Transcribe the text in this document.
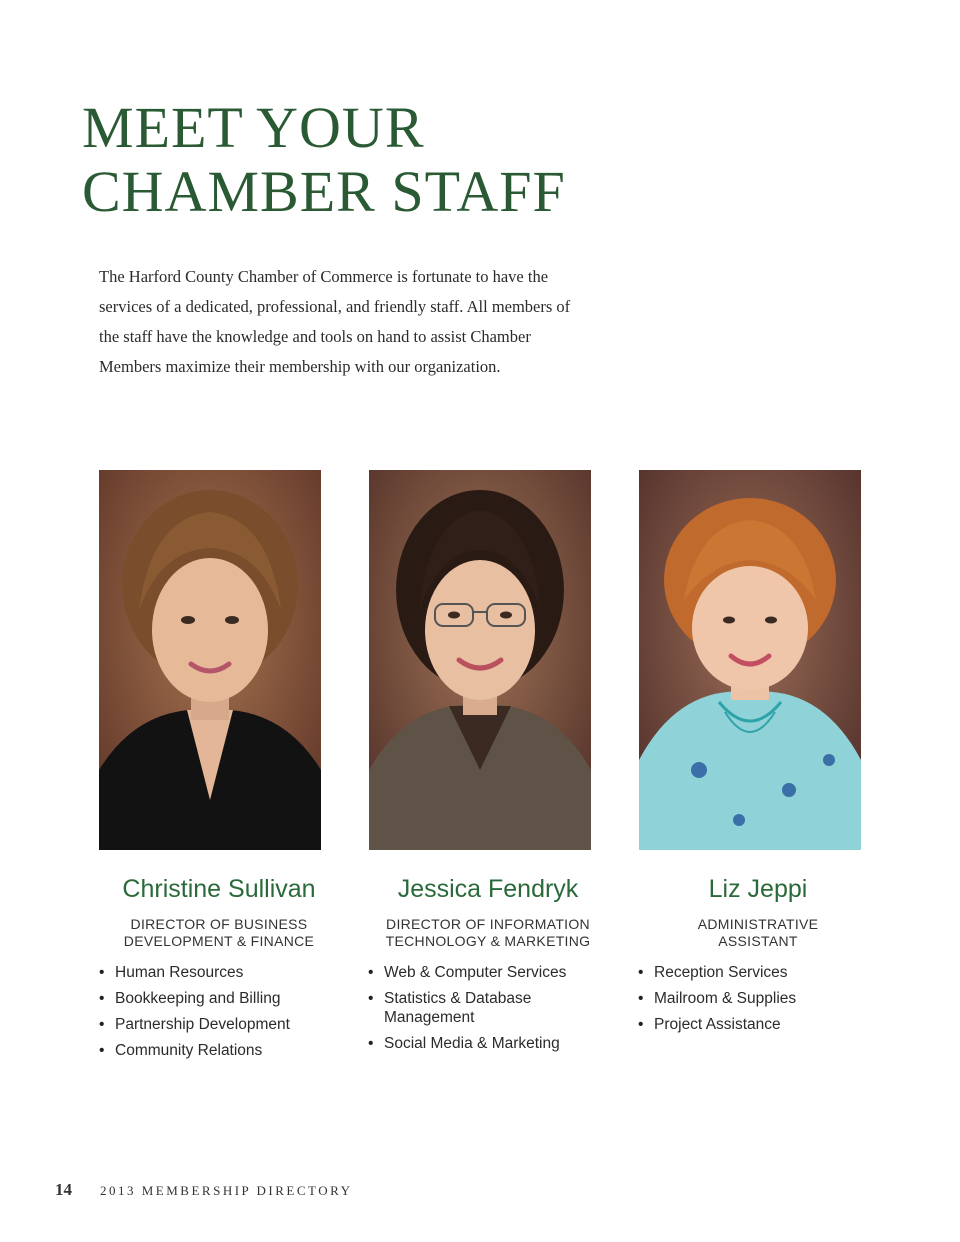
MEET YOUR
CHAMBER STAFF

The Harford County Chamber of Commerce is fortunate to have the services of a dedicated, professional, and friendly staff. All members of the staff have the knowledge and tools on hand to assist Chamber Members maximize their membership with our organization.

Christine Sullivan
DIRECTOR OF BUSINESS
DEVELOPMENT & FINANCE
• Human Resources
• Bookkeeping and Billing
• Partnership Development
• Community Relations
Jessica Fendryk
DIRECTOR OF INFORMATION
TECHNOLOGY & MARKETING
• Web & Computer Services
• Statistics & Database Management
• Social Media & Marketing
Liz Jeppi
ADMINISTRATIVE
ASSISTANT
• Reception Services
• Mailroom & Supplies
• Project Assistance
14 2013 MEMBERSHIP DIRECTORY
